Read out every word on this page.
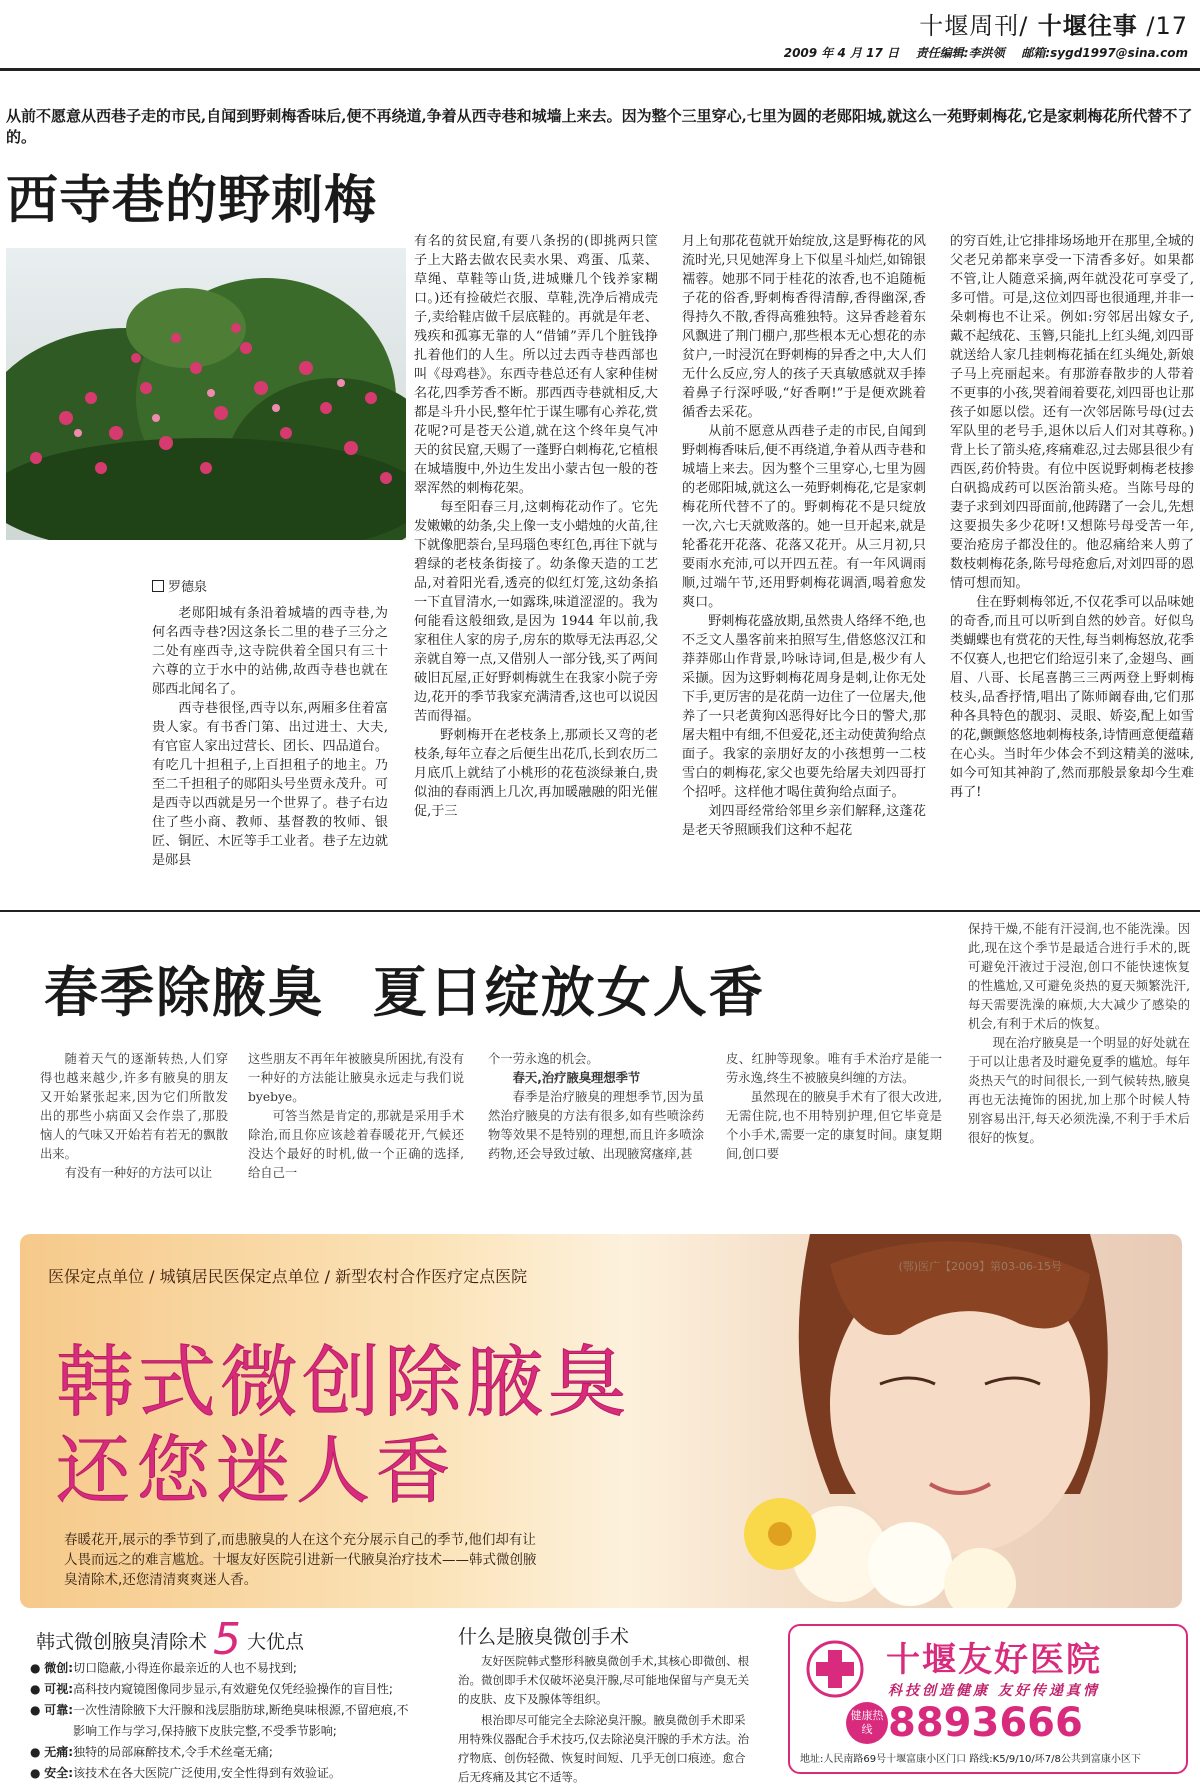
十堰周刊/ 十堰往事 /17
2009 年 4 月 17 日 责任编辑:李洪领 邮箱:sygd1997@sina.com
从前不愿意从西巷子走的市民,自闻到野刺梅香味后,便不再绕道,争着从西寺巷和城墙上来去。因为整个三里穿心,七里为圆的老郧阳城,就这么一苑野刺梅花,它是家刺梅花所代替不了的。
西寺巷的野刺梅
罗德泉

老郧阳城有条沿着城墙的西寺巷,为何名西寺巷?因这条长二里的巷子三分之二处有座西寺,这寺院供着全国只有三十六尊的立于水中的站佛,故西寺巷也就在郧西北闻名了。

西寺巷很怪,西寺以东,两厢多住着富贵人家。有书香门第、出过进士、大夫,有官宦人家出过营长、团长、四品道台。有吃几十担租子,上百担租子的地主。乃至二千担租子的郧阳头号坐贾永茂升。可是西寺以西就是另一个世界了。巷子右边住了些小商、教师、基督教的牧师、银匠、铜匠、木匠等手工业者。巷子左边就是郧县

有名的贫民窟,有要八条拐的(即挑两只筐子上大路去做农民卖水果、鸡蛋、瓜菜、草绳、草鞋等山货,进城赚几个钱养家糊口。)还有捡破烂衣服、草鞋,洗净后褙成壳子,卖给鞋店做千层底鞋的。再就是年老、残疾和孤寡无靠的人“借铺”弄几个脏钱挣扎着他们的人生。所以过去西寺巷西部也叫《母鸡巷》。东西寺巷总还有人家种佳树名花,四季芳香不断。那西西寺巷就相反,大都是斗升小民,整年忙于谋生哪有心养花,赏花呢?可是苍天公道,就在这个终年臭气冲天的贫民窟,天赐了一蓬野白刺梅花,它植根在城墙腹中,外边生发出小蒙古包一般的苍翠浑然的刺梅花架。

每至阳春三月,这刺梅花动作了。它先发嫩嫩的幼条,尖上像一支小蜡烛的火苗,往下就像肥萘台,呈玛瑙色枣红色,再往下就与碧绿的老枝条街接了。幼条像天造的工艺品,对着阳光看,透亮的似红灯笼,这幼条掐一下直冒清水,一如露珠,味道涩涩的。我为何能看这般细致,是因为 1944 年以前,我家租住人家的房子,房东的欺辱无法再忍,父亲就自筹一点,又借别人一部分钱,买了两间破旧瓦屋,正好野刺梅就生在我家小院子旁边,花开的季节我家充满清香,这也可以说因苦而得福。

野刺梅开在老枝条上,那顽长又弯的老枝条,每年立春之后便生出花爪,长到农历二月底爪上就结了小桃形的花苞淡绿兼白,贵似油的春雨洒上几次,再加暖融融的阳光催促,于三

月上旬那花苞就开始绽放,这是野梅花的风流时光,只见她浑身上下似星斗灿烂,如锦银襦蓉。她那不同于桂花的浓香,也不追随栀子花的俗香,野刺梅香得清醇,香得幽深,香得持久不散,香得高雅独特。这异香趁着东风飘进了荆门棚户,那些根本无心想花的赤贫户,一时浸沉在野刺梅的异香之中,大人们无什么反应,穷人的孩子天真敏感就双手捧着鼻子行深呼吸,“好香啊!”于是便欢跳着循香去采花。

从前不愿意从西巷子走的市民,自闻到野刺梅香味后,便不再绕道,争着从西寺巷和城墙上来去。因为整个三里穿心,七里为圆的老郧阳城,就这么一苑野刺梅花,它是家刺梅花所代替不了的。野刺梅花不是只绽放一次,六七天就败落的。她一旦开起来,就是轮番花开花落、花落又花开。从三月初,只要雨水充沛,可以开四五茬。有一年风调雨顺,过端午节,还用野刺梅花调酒,喝着愈发爽口。

野刺梅花盛放期,虽然贵人络绎不绝,也不乏文人墨客前来拍照写生,借悠悠汉江和莽莽郧山作背景,吟咏诗词,但是,极少有人采撷。因为这野刺梅花周身是刺,让你无处下手,更厉害的是花荫一边住了一位屠夫,他养了一只老黄狗凶恶得好比今日的警犬,那屠夫粗中有细,不但爱花,还主动使黄狗给点面子。我家的亲朋好友的小孩想剪一二枝雪白的刺梅花,家父也要先给屠夫刘四哥打个招呼。这样他才喝住黄狗给点面子。

刘四哥经常给邻里乡亲们解释,这蓬花是老天爷照顾我们这种不起花

的穷百姓,让它排排场场地开在那里,全城的父老兄弟都来享受一下清香多好。如果都不管,让人随意采摘,两年就没花可享受了,多可惜。可是,这位刘四哥也很通理,并非一朵刺梅也不让采。例如:穷邻居出嫁女子,戴不起绒花、玉簪,只能扎上红头绳,刘四哥就送给人家几挂刺梅花插在红头绳处,新娘子马上亮丽起来。有那游春散步的人带着不更事的小孩,哭着闹着要花,刘四哥也让那孩子如愿以偿。还有一次邻居陈号母(过去军队里的老号手,退休以后人们对其尊称。)背上长了箭头疮,疼痛难忍,过去郧县很少有西医,药价特贵。有位中医说野刺梅老枝掺白矾捣成药可以医治箭头疮。当陈号母的妻子求到刘四哥面前,他踌躇了一会儿,先想这要损失多少花呀!又想陈号母受苦一年,要治疮房子都没住的。他忍痛给来人剪了数枝刺梅花条,陈号母疮愈后,对刘四哥的恩情可想而知。

住在野刺梅邻近,不仅花季可以品味她的奇香,而且可以听到自然的妙音。好似鸟类蝴蝶也有赏花的天性,每当刺梅怒放,花季不仅赛人,也把它们给逗引来了,金翅鸟、画眉、八哥、长尾喜鹊三三两两登上野刺梅枝头,品香抒情,唱出了陈师阚春曲,它们那种各具特色的靓羽、灵眼、娇姿,配上如雪的花,颤颤悠悠地刺梅枝条,诗情画意便蕴藉在心头。当时年少体会不到这精美的滋味,如今可知其神韵了,然而那般景象却今生难再了!

春季除腋臭 夏日绽放女人香

随着天气的逐渐转热,人们穿得也越来越少,许多有腋臭的朋友又开始紧张起来,因为它们所散发出的那些小病面又会作祟了,那股恼人的气味又开始若有若无的飘散出来。

有没有一种好的方法可以让

这些朋友不再年年被腋臭所困扰,有没有一种好的方法能让腋臭永远走与我们说byebye。

可答当然是肯定的,那就是采用手术除治,而且你应该趁着春暖花开,气候还没达个最好的时机,做一个正确的选择,给自己一

个一劳永逸的机会。

春天,治疗腋臭理想季节

春季是治疗腋臭的理想季节,因为虽然治疗腋臭的方法有很多,如有些喷涂药物等效果不是特别的理想,而且许多喷涂药物,还会导致过敏、出现腋窝瘙痒,甚

皮、红肿等现象。唯有手术治疗是能一劳永逸,终生不被腋臭纠缠的方法。

虽然现在的腋臭手术有了很大改进,无需住院,也不用特别护理,但它毕竟是个小手术,需要一定的康复时间。康复期间,创口要

保持干燥,不能有汗浸润,也不能洗澡。因此,现在这个季节是最适合进行手术的,既可避免汗液过于浸泡,创口不能快速恢复的性尴尬,又可避免炎热的夏天频繁洗汗,每天需要洗澡的麻烦,大大减少了感染的机会,有利于术后的恢复。

现在治疗腋臭是一个明显的好处就在于可以让患者及时避免夏季的尴尬。每年炎热天气的时间很长,一到气候转热,腋臭再也无法掩饰的困扰,加上那个时候人特别容易出汗,每天必须洗澡,不利于手术后很好的恢复。

医保定点单位 / 城镇居民医保定点单位 / 新型农村合作医疗定点医院
(鄂)医广【2009】第03-06-15号
韩式微创除腋臭
还您迷人香
春暖花开,展示的季节到了,而患腋臭的人在这个充分展示自己的季节,他们却有让人畏而远之的难言尴尬。十堰友好医院引进新一代腋臭治疗技术——韩式微创腋臭清除术,还您清清爽爽迷人香。
韩式微创腋臭清除术 5 大优点
● 微创: 切口隐蔽,小得连你最亲近的人也不易找到;
● 可视: 高科技内窥镜图像同步显示,有效避免仅凭经验操作的盲目性;
● 可靠: 一次性清除腋下大汗腺和浅层脂肪球,断绝臭味根源,不留疤痕,不影响工作与学习,保持腋下皮肤完整,不受季节影响;
● 无痛: 独特的局部麻醉技术,令手术丝毫无痛;
● 安全: 该技术在各大医院广泛使用,安全性得到有效验证。
什么是腋臭微创手术

友好医院韩式整形科腋臭微创手术,其核心即微创、根治。微创即手术仅破坏泌臭汗腺,尽可能地保留与产臭无关的皮肤、皮下及腺体等组织。

根治即尽可能完全去除泌臭汗腺。腋臭微创手术即采用特殊仪器配合手术技巧,仅去除泌臭汗腺的手术方法。治疗物底、创伤轻微、恢复时间短、几乎无创口痕迹。愈合后无疼痛及其它不适等。

十堰友好医院
科技创造健康 友好传递真情
健康热线 8893666
地址:人民南路69号十堰富康小区门口 路线:K5/9/10/环7/8公共到富康小区下
